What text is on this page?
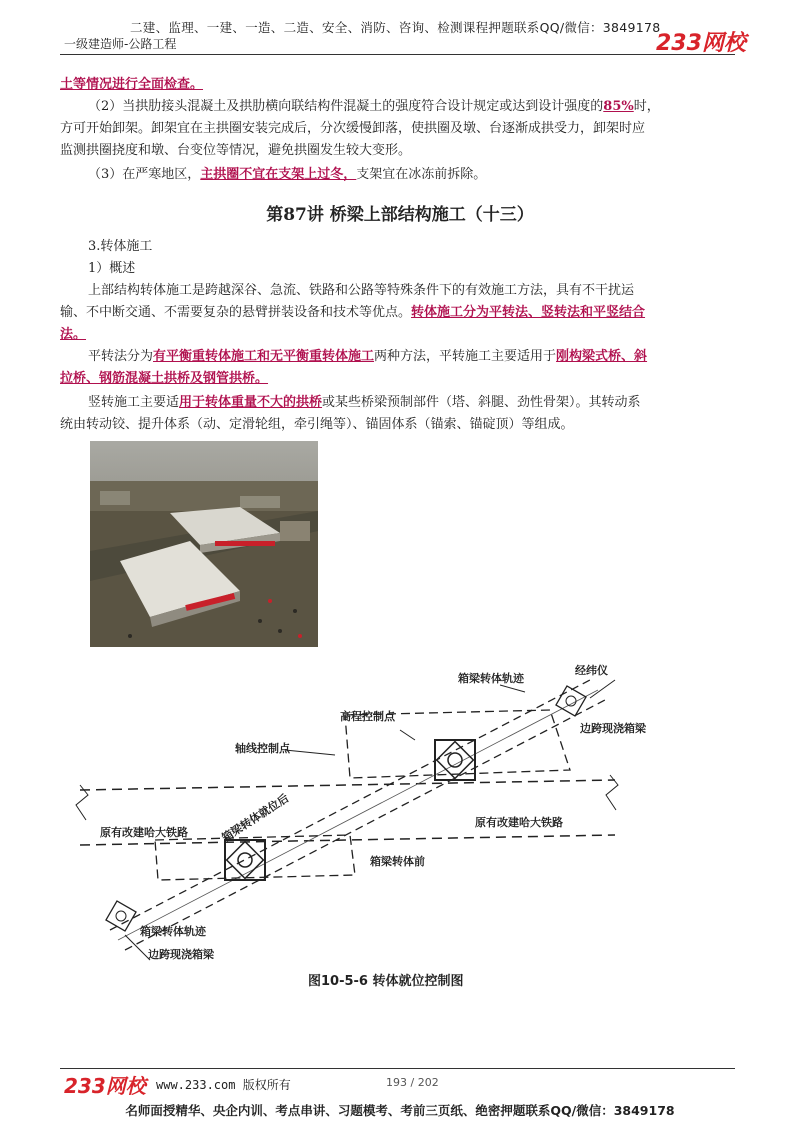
二建、监理、一建、一造、二造、安全、消防、咨询、检测课程押题联系QQ/微信：3849178
一级建造师-公路工程	233网校
土等情况进行全面检查。
（2）当拱肋接头混凝土及拱肋横向联结构件混凝土的强度符合设计规定或达到设计强度的85%时，
方可开始卸架。卸架宜在主拱圈安装完成后，分次缓慢卸落，使拱圈及墩、台逐渐成拱受力，卸架时应
监测拱圈挠度和墩、台变位等情况，避免拱圈发生较大变形。
（3）在严寒地区，主拱圈不宜在支架上过冬，支架宜在冰冻前拆除。
第87讲 桥梁上部结构施工（十三）
3.转体施工
1）概述
上部结构转体施工是跨越深谷、急流、铁路和公路等特殊条件下的有效施工方法，具有不干扰运
输、不中断交通、不需要复杂的悬臂拼装设备和技术等优点。转体施工分为平转法、竖转法和平竖结合
法。
平转法分为有平衡重转体施工和无平衡重转体施工两种方法，平转施工主要适用于刚构梁式桥、斜
拉桥、钢筋混凝土拱桥及钢管拱桥。
竖转施工主要适用于转体重量不大的拱桥或某些桥梁预制部件（塔、斜腿、劲性骨架）。其转动系
统由转动铰、提升体系（动、定滑轮组，牵引绳等）、锚固体系（锚索、锚碇顶）等组成。
箱梁转体轨迹
经纬仪
边跨现浇箱梁
高程控制点
轴线控制点
箱梁转体就位后
原有改建哈大铁路
原有改建哈大铁路
箱梁转体前
箱梁转体轨迹
边跨现浇箱梁
图10-5-6 转体就位控制图
233网校 www.233.com 版权所有	193 / 202
名师面授精华、央企内训、考点串讲、习题模考、考前三页纸、绝密押题联系QQ/微信：3849178
